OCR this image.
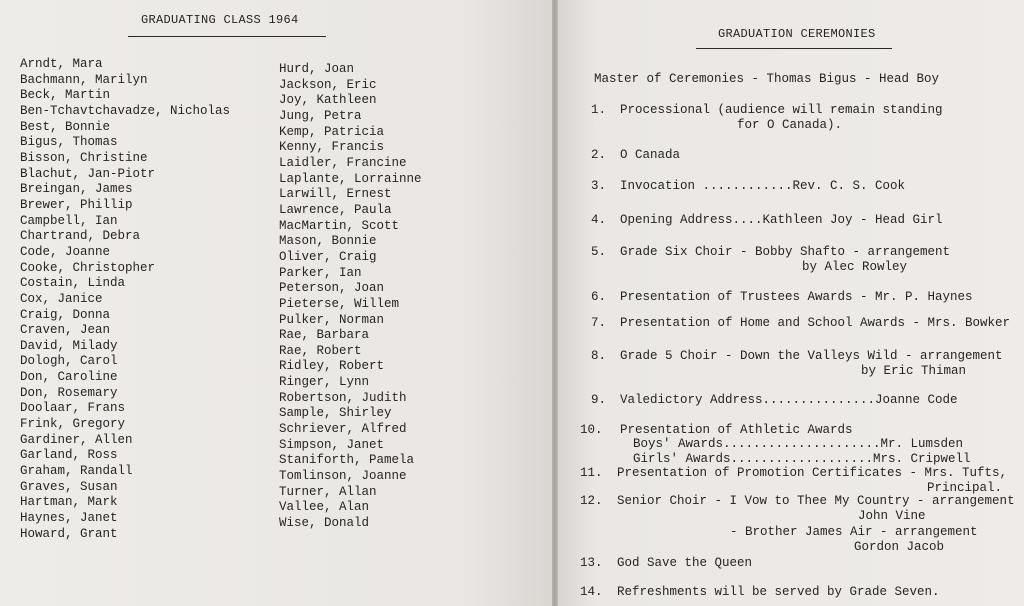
GRADUATING CLASS 1964
Arndt, Mara
Bachmann, Marilyn
Beck, Martin
Ben-Tchavtchavadze, Nicholas
Best, Bonnie
Bigus, Thomas
Bisson, Christine
Blachut, Jan-Piotr
Breingan, James
Brewer, Phillip
Campbell, Ian
Chartrand, Debra
Code, Joanne
Cooke, Christopher
Costain, Linda
Cox, Janice
Craig, Donna
Craven, Jean
David, Milady
Dologh, Carol
Don, Caroline
Don, Rosemary
Doolaar, Frans
Frink, Gregory
Gardiner, Allen
Garland, Ross
Graham, Randall
Graves, Susan
Hartman, Mark
Haynes, Janet
Howard, Grant
Hurd, Joan
Jackson, Eric
Joy, Kathleen
Jung, Petra
Kemp, Patricia
Kenny, Francis
Laidler, Francine
Laplante, Lorrainne
Larwill, Ernest
Lawrence, Paula
MacMartin, Scott
Mason, Bonnie
Oliver, Craig
Parker, Ian
Peterson, Joan
Pieterse, Willem
Pulker, Norman
Rae, Barbara
Rae, Robert
Ridley, Robert
Ringer, Lynn
Robertson, Judith
Sample, Shirley
Schriever, Alfred
Simpson, Janet
Staniforth, Pamela
Tomlinson, Joanne
Turner, Allan
Vallee, Alan
Wise, Donald
GRADUATION CEREMONIES
Master of Ceremonies - Thomas Bigus - Head Boy
1. Processional (audience will remain standing
for O Canada).
2. O Canada
3. Invocation ............Rev. C. S. Cook
4. Opening Address....Kathleen Joy - Head Girl
5. Grade Six Choir - Bobby Shafto - arrangement
by Alec Rowley
6. Presentation of Trustees Awards - Mr. P. Haynes
7. Presentation of Home and School Awards - Mrs. Bowker
8. Grade 5 Choir - Down the Valleys Wild - arrangement
by Eric Thiman
9. Valedictory Address...............Joanne Code
10. Presentation of Athletic Awards
Boys' Awards.....................Mr. Lumsden
Girls' Awards...................Mrs. Cripwell
11. Presentation of Promotion Certificates - Mrs. Tufts,
Principal.
12. Senior Choir - I Vow to Thee My Country - arrangement
John Vine
- Brother James Air - arrangement
Gordon Jacob
13. God Save the Queen
14. Refreshments will be served by Grade Seven.
